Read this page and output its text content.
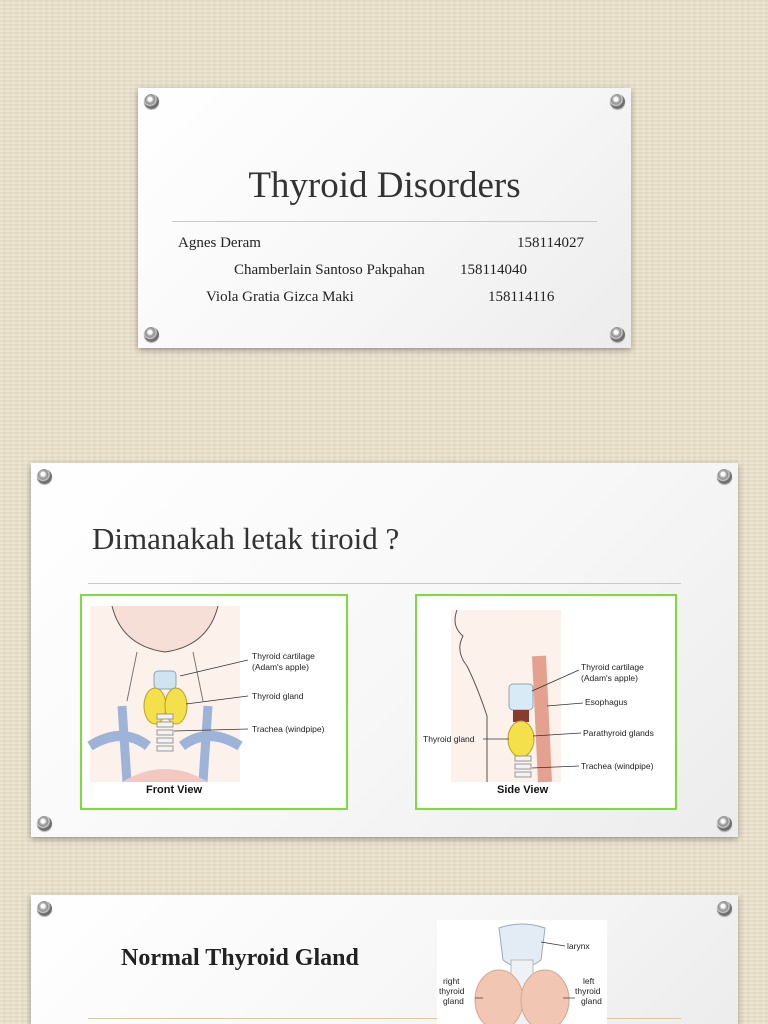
Thyroid Disorders
Agnes Deram	158114027
Chamberlain Santoso Pakpahan 158114040
Viola Gratia Gizca Maki	158114116
Dimanakah letak tiroid ?
Thyroid cartilage
(Adam's apple)
Thyroid gland
Trachea (windpipe)
Front View
Thyroid cartilage
(Adam's apple)
Esophagus
Thyroid gland
Parathyroid glands
Trachea (windpipe)
Side View
Normal Thyroid Gland	larynx
right
thyroid
gland
left
thyroid
gland
